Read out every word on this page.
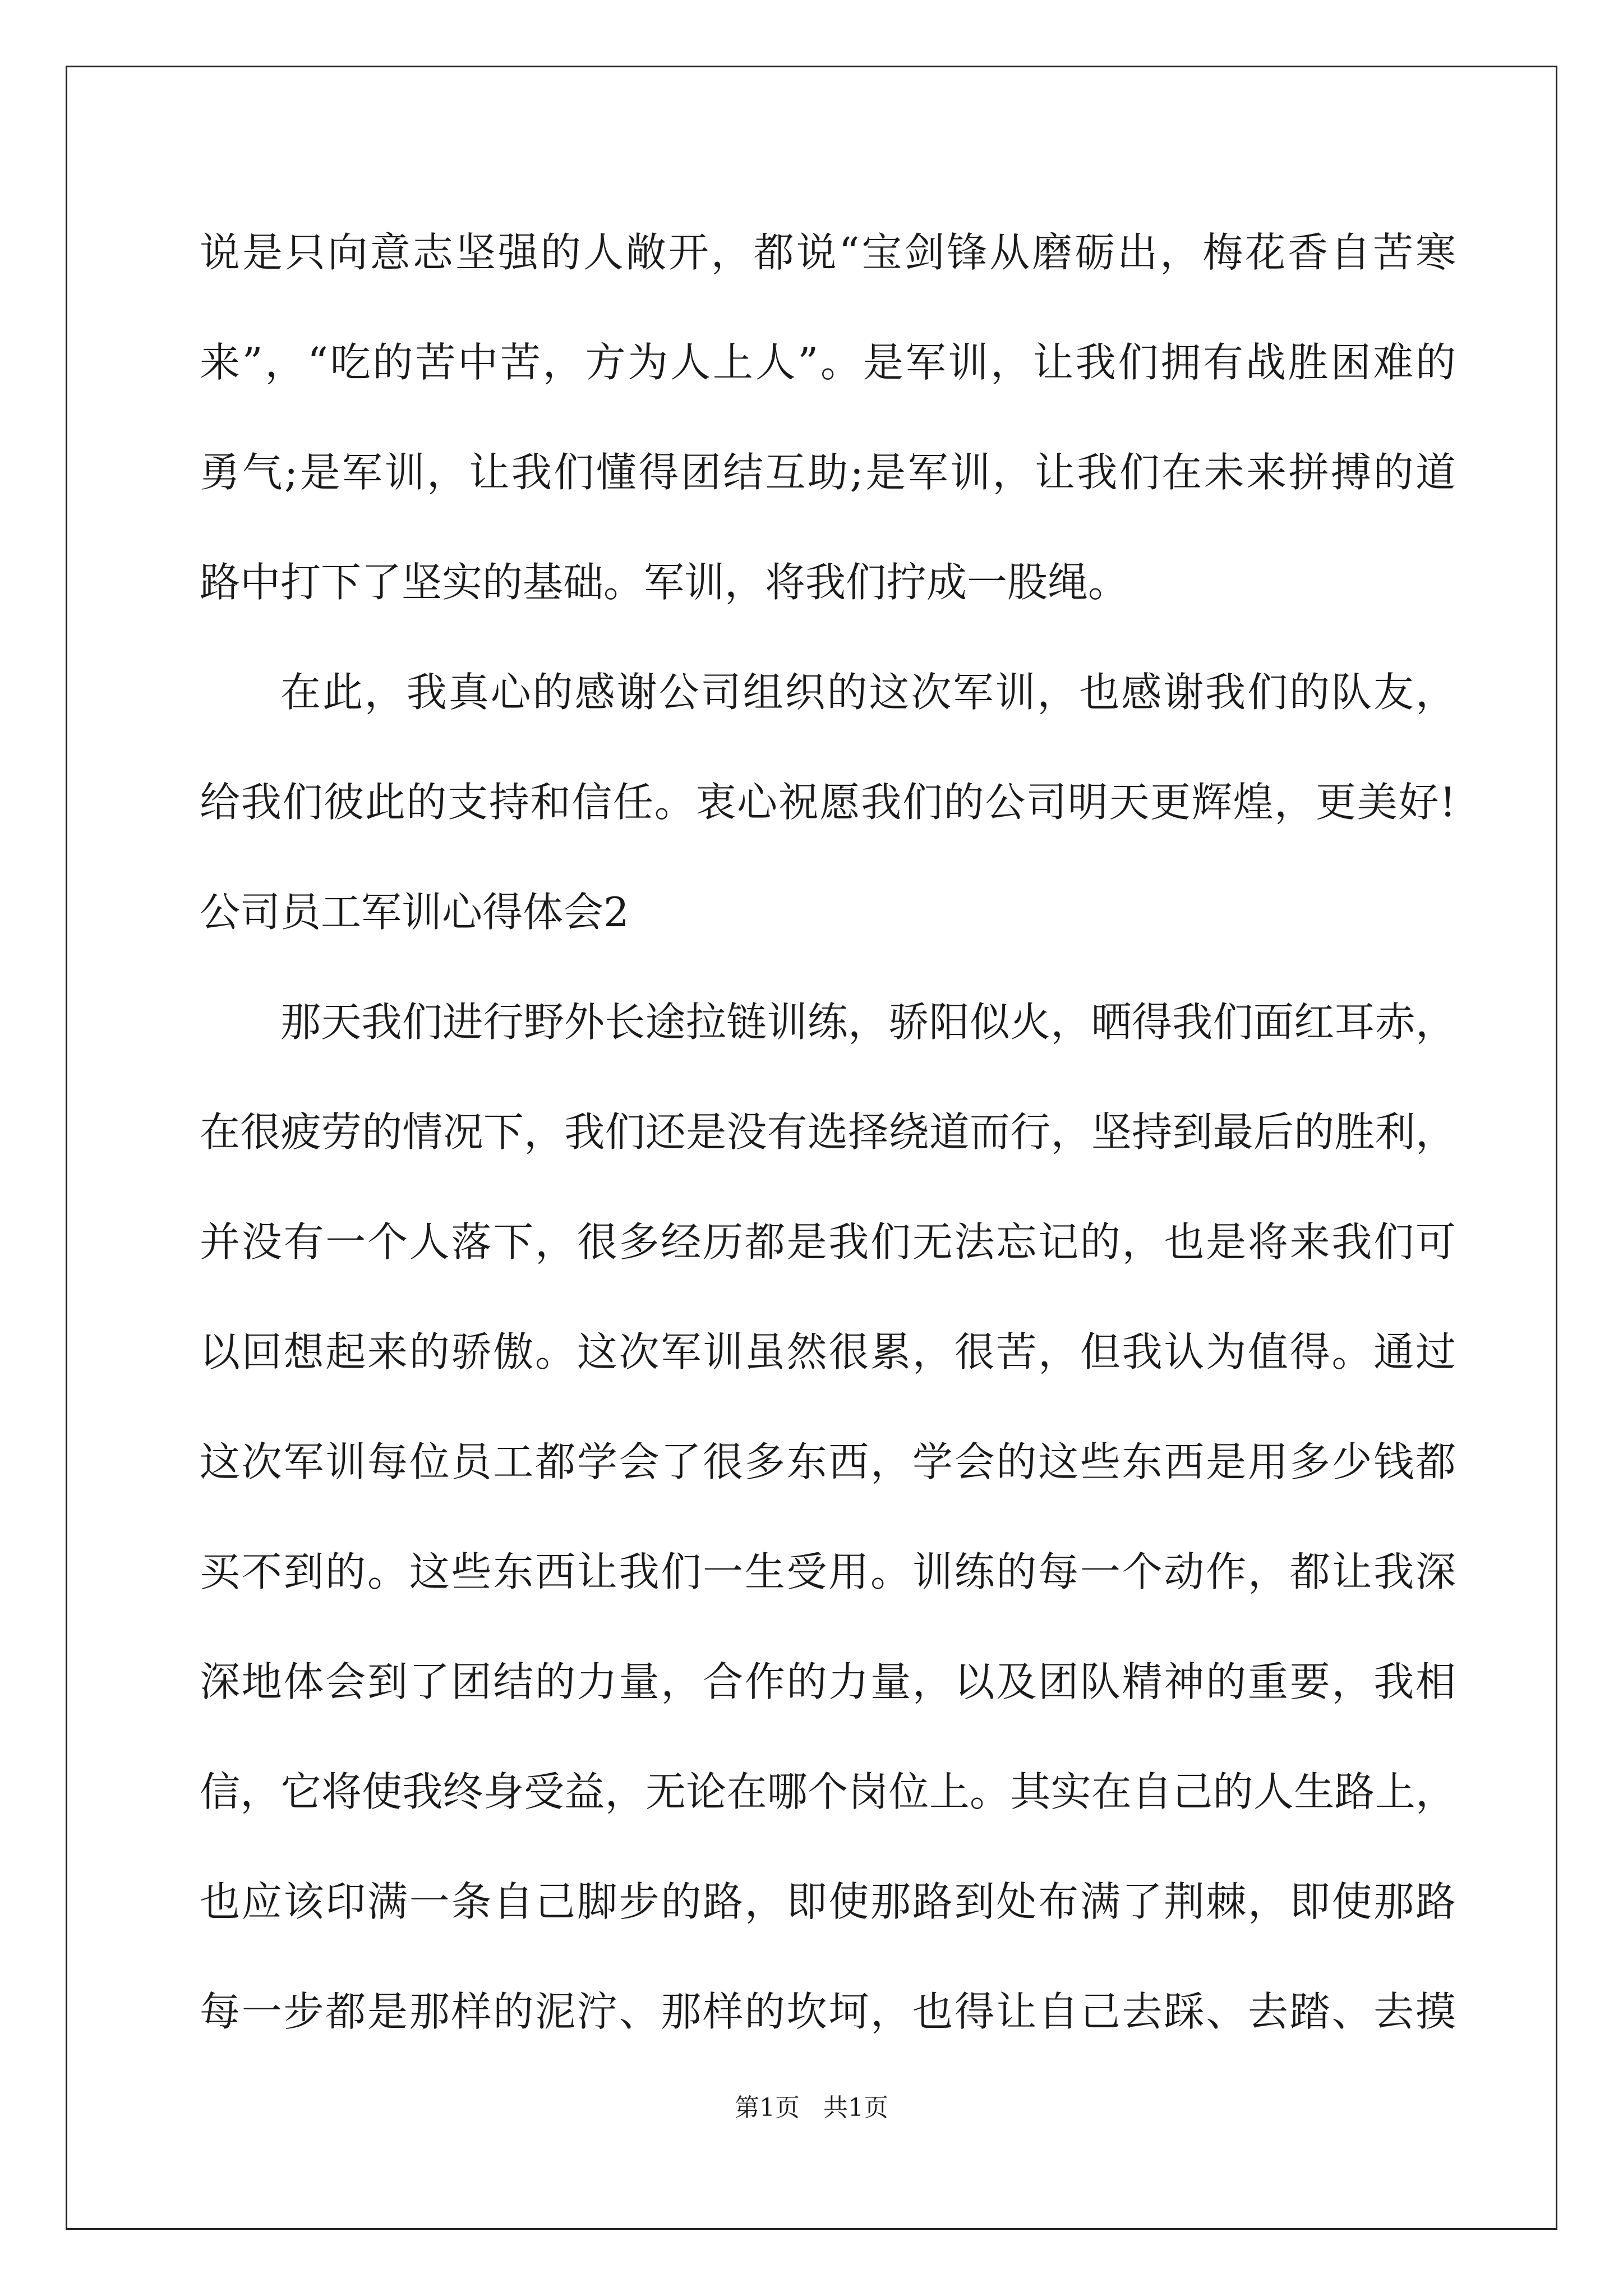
说是只向意志坚强的人敞开，都说“宝剑锋从磨砺出，梅花香自苦寒
来”，“吃的苦中苦，方为人上人”。是军训，让我们拥有战胜困难的
勇气;是军训，让我们懂得团结互助;是军训，让我们在未来拼搏的道
路中打下了坚实的基础。军训，将我们拧成一股绳。
在此，我真心的感谢公司组织的这次军训，也感谢我们的队友，
给我们彼此的支持和信任。衷心祝愿我们的公司明天更辉煌，更美好!
公司员工军训心得体会2
那天我们进行野外长途拉链训练，骄阳似火，晒得我们面红耳赤，
在很疲劳的情况下，我们还是没有选择绕道而行，坚持到最后的胜利，
并没有一个人落下，很多经历都是我们无法忘记的，也是将来我们可
以回想起来的骄傲。这次军训虽然很累，很苦，但我认为值得。通过
这次军训每位员工都学会了很多东西，学会的这些东西是用多少钱都
买不到的。这些东西让我们一生受用。训练的每一个动作，都让我深
深地体会到了团结的力量，合作的力量，以及团队精神的重要，我相
信，它将使我终身受益，无论在哪个岗位上。其实在自己的人生路上，
也应该印满一条自己脚步的路，即使那路到处布满了荆棘，即使那路
每一步都是那样的泥泞、那样的坎坷，也得让自己去踩、去踏、去摸
第1页 共1页
